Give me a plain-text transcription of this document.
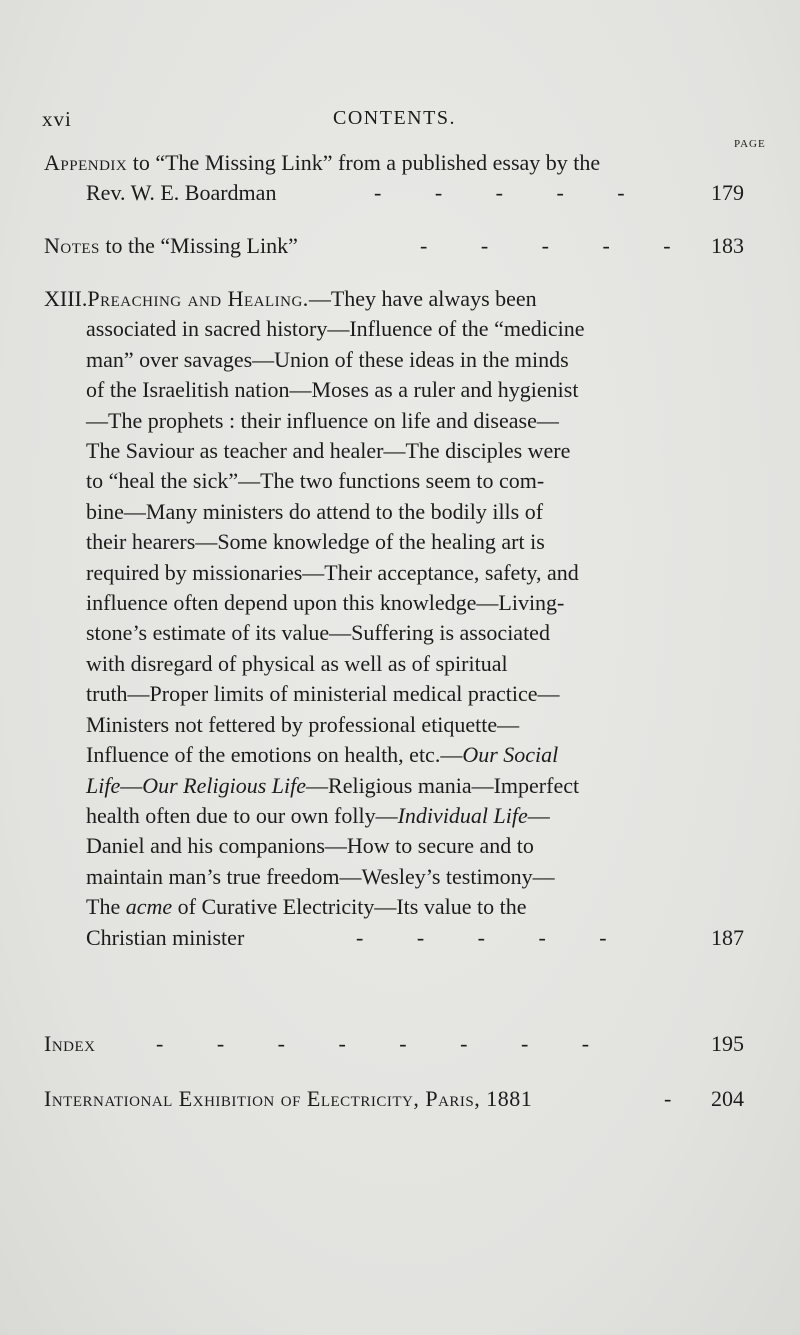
xvi	CONTENTS.
PAGE
Appendix to “The Missing Link” from a published essay by the
Rev. W. E. Boardman	- - - - -	179
Notes to the “Missing Link”	- - - - - 183
XIII.Preaching and Healing.—They have always been
associated in sacred history—Influence of the “medicine
man” over savages—Union of these ideas in the minds
of the Israelitish nation—Moses as a ruler and hygienist
—The prophets : their influence on life and disease—
The Saviour as teacher and healer—The disciples were
to “heal the sick”—The two functions seem to com-
bine—Many ministers do attend to the bodily ills of
their hearers—Some knowledge of the healing art is
required by missionaries—Their acceptance, safety, and
influence often depend upon this knowledge—Living-
stone’s estimate of its value—Suffering is associated
with disregard of physical as well as of spiritual
truth—Proper limits of ministerial medical practice—
Ministers not fettered by professional etiquette—
Influence of the emotions on health, etc.—Our Social
Life—Our Religious Life—Religious mania—Imperfect
health often due to our own folly—Individual Life—
Daniel and his companions—How to secure and to
maintain man’s true freedom—Wesley’s testimony—
The acme of Curative Electricity—Its value to the
Christian minister	- - - - -	187
Index	- - - - - - - -	195
International Exhibition of Electricity, Paris, 1881	- 204
